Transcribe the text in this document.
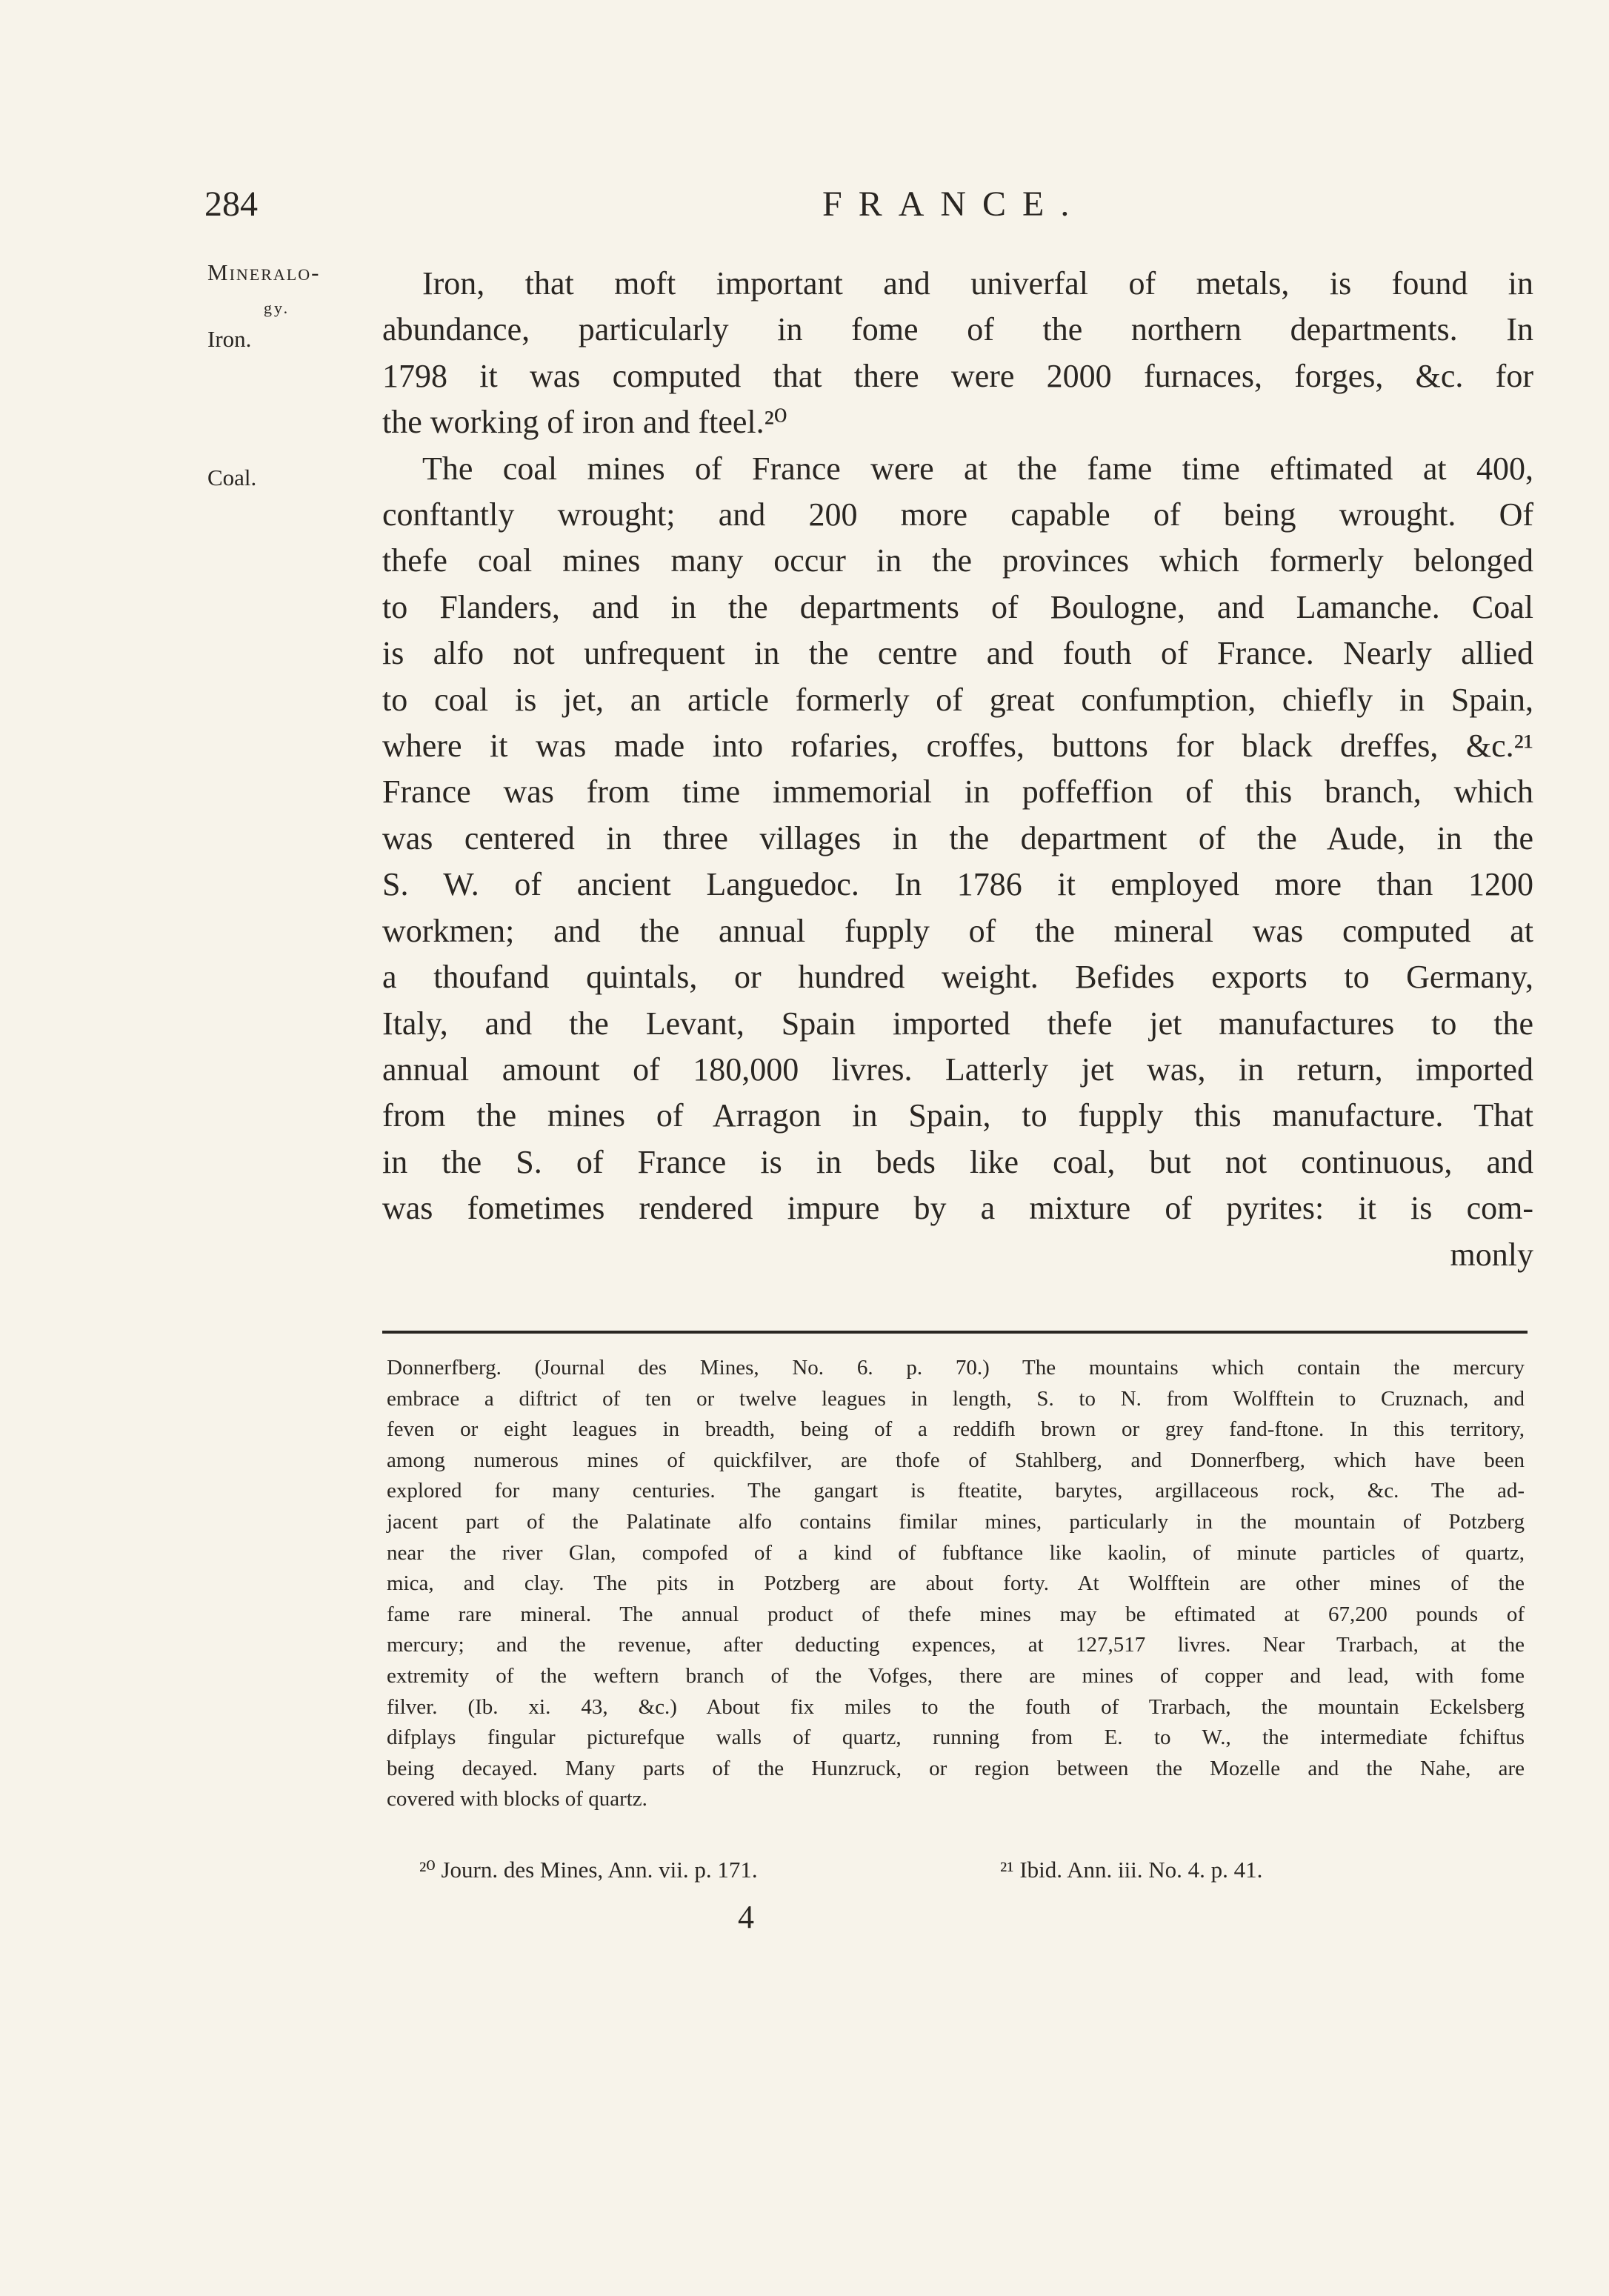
284	FRANCE.
Mineralo-
gy.
Iron.
Coal.
Iron, that moft important and univerfal of metals, is found in
abundance, particularly in fome of the northern departments. In
1798 it was computed that there were 2000 furnaces, forges, &c. for
the working of iron and fteel.²⁰
The coal mines of France were at the fame time eftimated at 400,
conftantly wrought; and 200 more capable of being wrought. Of
thefe coal mines many occur in the provinces which formerly belonged
to Flanders, and in the departments of Boulogne, and Lamanche. Coal
is alfo not unfrequent in the centre and fouth of France. Nearly allied
to coal is jet, an article formerly of great confumption, chiefly in Spain,
where it was made into rofaries, croffes, buttons for black dreffes, &c.²¹
France was from time immemorial in poffeffion of this branch, which
was centered in three villages in the department of the Aude, in the
S. W. of ancient Languedoc. In 1786 it employed more than 1200
workmen; and the annual fupply of the mineral was computed at
a thoufand quintals, or hundred weight. Befides exports to Germany,
Italy, and the Levant, Spain imported thefe jet manufactures to the
annual amount of 180,000 livres. Latterly jet was, in return, imported
from the mines of Arragon in Spain, to fupply this manufacture. That
in the S. of France is in beds like coal, but not continuous, and
was fometimes rendered impure by a mixture of pyrites: it is com-
monly
Donnerfberg. (Journal des Mines, No. 6. p. 70.) The mountains which contain the mercury
embrace a diftrict of ten or twelve leagues in length, S. to N. from Wolfftein to Cruznach, and
feven or eight leagues in breadth, being of a reddifh brown or grey fand-ftone. In this territory,
among numerous mines of quickfilver, are thofe of Stahlberg, and Donnerfberg, which have been
explored for many centuries. The gangart is fteatite, barytes, argillaceous rock, &c. The ad-
jacent part of the Palatinate alfo contains fimilar mines, particularly in the mountain of Potzberg
near the river Glan, compofed of a kind of fubftance like kaolin, of minute particles of quartz,
mica, and clay. The pits in Potzberg are about forty. At Wolfftein are other mines of the
fame rare mineral. The annual product of thefe mines may be eftimated at 67,200 pounds of
mercury; and the revenue, after deducting expences, at 127,517 livres. Near Trarbach, at the
extremity of the weftern branch of the Vofges, there are mines of copper and lead, with fome
filver. (Ib. xi. 43, &c.) About fix miles to the fouth of Trarbach, the mountain Eckelsberg
difplays fingular picturefque walls of quartz, running from E. to W., the intermediate fchiftus
being decayed. Many parts of the Hunzruck, or region between the Mozelle and the Nahe, are
covered with blocks of quartz.
²⁰ Journ. des Mines, Ann. vii. p. 171.	²¹ Ibid. Ann. iii. No. 4. p. 41.
4
